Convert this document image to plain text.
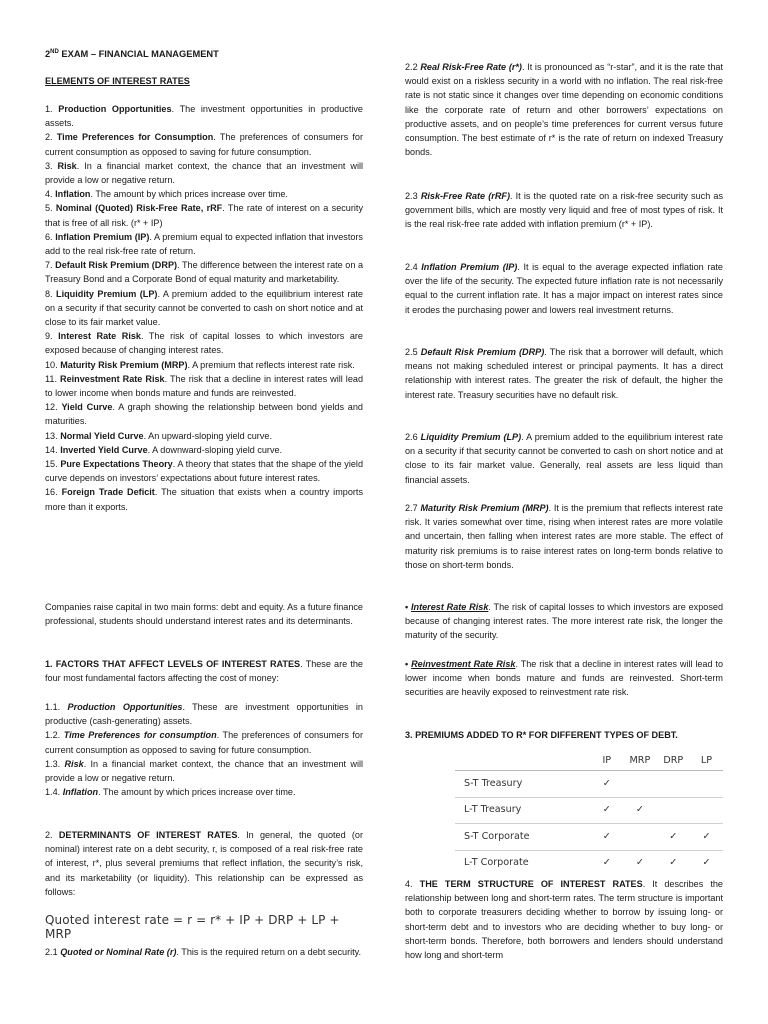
2ND EXAM – FINANCIAL MANAGEMENT

ELEMENTS OF INTEREST RATES

1. Production Opportunities. The investment opportunities in productive assets.

2. Time Preferences for Consumption. The preferences of consumers for current consumption as opposed to saving for future consumption.

3. Risk. In a financial market context, the chance that an investment will provide a low or negative return.

4. Inflation. The amount by which prices increase over time.

5. Nominal (Quoted) Risk-Free Rate, rRF. The rate of interest on a security that is free of all risk. (r* + IP)

6. Inflation Premium (IP). A premium equal to expected inflation that investors add to the real risk-free rate of return.

7. Default Risk Premium (DRP). The difference between the interest rate on a Treasury Bond and a Corporate Bond of equal maturity and marketability.

8. Liquidity Premium (LP). A premium added to the equilibrium interest rate on a security if that security cannot be converted to cash on short notice and at close to its fair market value.

9. Interest Rate Risk. The risk of capital losses to which investors are exposed because of changing interest rates.

10. Maturity Risk Premium (MRP). A premium that reflects interest rate risk.

11. Reinvestment Rate Risk. The risk that a decline in interest rates will lead to lower income when bonds mature and funds are reinvested.

12. Yield Curve. A graph showing the relationship between bond yields and maturities.

13. Normal Yield Curve. An upward-sloping yield curve.

14. Inverted Yield Curve. A downward-sloping yield curve.

15. Pure Expectations Theory. A theory that states that the shape of the yield curve depends on investors’ expectations about future interest rates.

16. Foreign Trade Deficit. The situation that exists when a country imports more than it exports.

Companies raise capital in two main forms: debt and equity. As a future finance professional, students should understand interest rates and its determinants.

1. FACTORS THAT AFFECT LEVELS OF INTEREST RATES. These are the four most fundamental factors affecting the cost of money:

1.1. Production Opportunities. These are investment opportunities in productive (cash-generating) assets.

1.2. Time Preferences for consumption. The preferences of consumers for current consumption as opposed to saving for future consumption.

1.3. Risk. In a financial market context, the chance that an investment will provide a low or negative return.

1.4. Inflation. The amount by which prices increase over time.

2. DETERMINANTS OF INTEREST RATES. In general, the quoted (or nominal) interest rate on a debt security, r, is composed of a real risk-free rate of interest, r*, plus several premiums that reflect inflation, the security’s risk, and its marketability (or liquidity). This relationship can be expressed as follows:

Quoted interest rate = r = r* + IP + DRP + LP + MRP

2.1 Quoted or Nominal Rate (r). This is the required return on a debt security.

2.2 Real Risk-Free Rate (r*). It is pronounced as “r-star”, and it is the rate that would exist on a riskless security in a world with no inflation. The real risk-free rate is not static since it changes over time depending on economic conditions like the corporate rate of return and other borrowers’ expectations on productive assets, and on people’s time preferences for current versus future consumption. The best estimate of r* is the rate of return on indexed Treasury bonds.

2.3 Risk-Free Rate (rRF). It is the quoted rate on a risk-free security such as government bills, which are mostly very liquid and free of most types of risk. It is the real risk-free rate added with inflation premium (r* + IP).

2.4 Inflation Premium (IP). It is equal to the average expected inflation rate over the life of the security. The expected future inflation rate is not necessarily equal to the current inflation rate. It has a major impact on interest rates since it erodes the purchasing power and lowers real investment returns.

2.5 Default Risk Premium (DRP). The risk that a borrower will default, which means not making scheduled interest or principal payments. It has a direct relationship with interest rates. The greater the risk of default, the higher the interest rate. Treasury securities have no default risk.

2.6 Liquidity Premium (LP). A premium added to the equilibrium interest rate on a security if that security cannot be converted to cash on short notice and at close to its fair market value. Generally, real assets are less liquid than financial assets.

2.7 Maturity Risk Premium (MRP). It is the premium that reflects interest rate risk. It varies somewhat over time, rising when interest rates are more volatile and uncertain, then falling when interest rates are more stable. The effect of maturity risk premiums is to raise interest rates on long-term bonds relative to those on short-term bonds.

• Interest Rate Risk. The risk of capital losses to which investors are exposed because of changing interest rates. The more interest rate risk, the longer the maturity of the security.

• Reinvestment Rate Risk. The risk that a decline in interest rates will lead to lower income when bonds mature and funds are reinvested. Short-term securities are heavily exposed to reinvestment rate risk.

3. PREMIUMS ADDED TO R* FOR DIFFERENT TYPES OF DEBT.

	IP	MRP	DRP	LP
S-T Treasury	✓			
L-T Treasury	✓	✓		
S-T Corporate	✓		✓	✓
L-T Corporate	✓	✓	✓	✓

4. THE TERM STRUCTURE OF INTEREST RATES. It describes the relationship between long and short-term rates. The term structure is important both to corporate treasurers deciding whether to borrow by issuing long- or short-term debt and to investors who are deciding whether to buy long- or short-term bonds. Therefore, both borrowers and lenders should understand how long and short-term
